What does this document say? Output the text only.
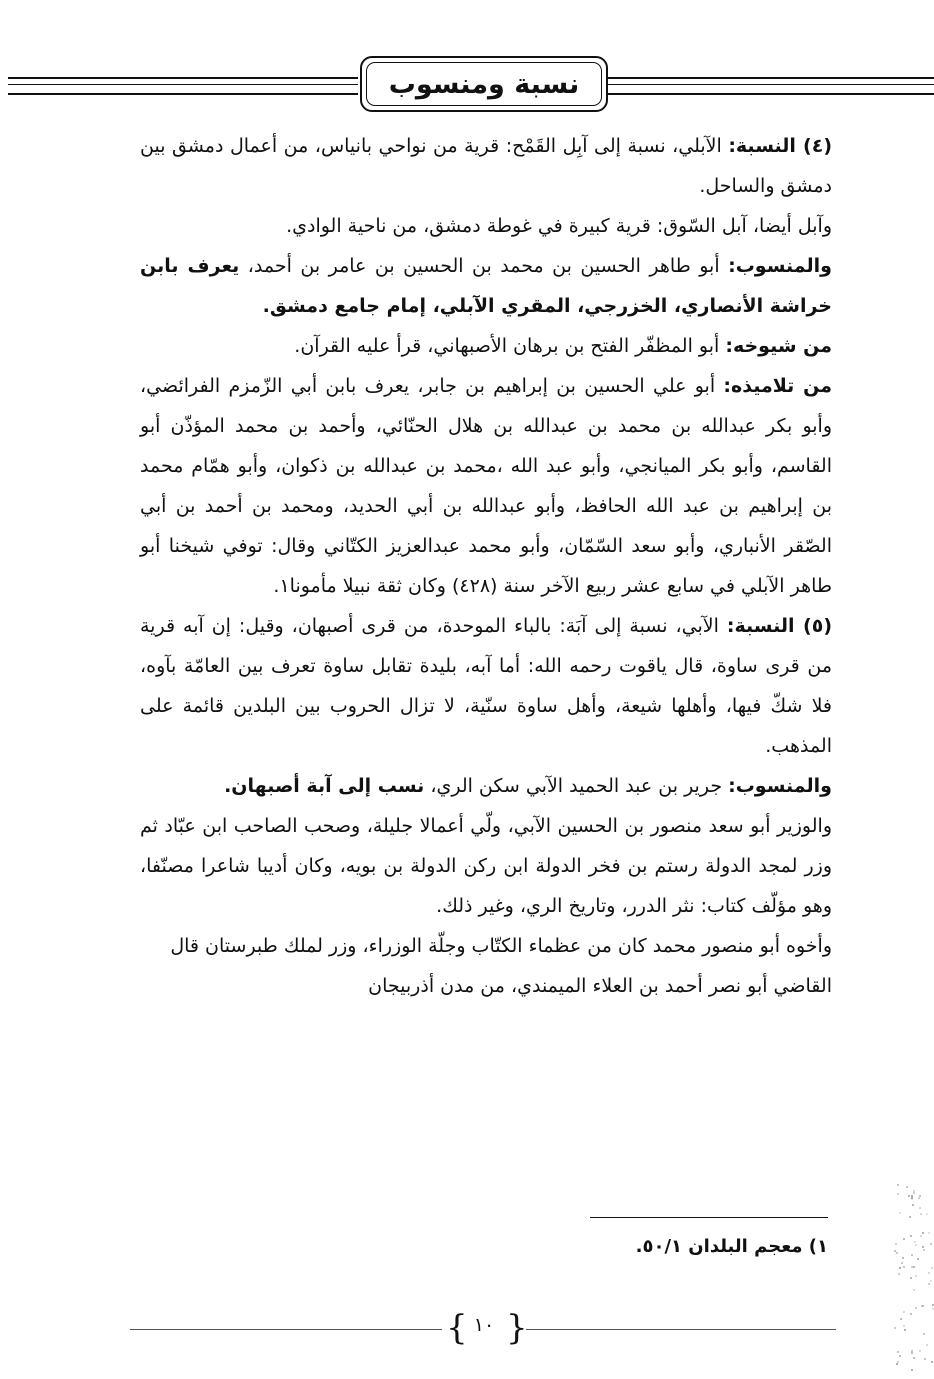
نسبة ومنسوب

(٤) النسبة: الآبلي، نسبة إلى آبِل القَمْح: قرية من نواحي بانياس، من أعمال دمشق بين دمشق والساحل.

وآبل أيضا، آبل السّوق: قرية كبيرة في غوطة دمشق، من ناحية الوادي.

والمنسوب: أبو طاهر الحسين بن محمد بن الحسين بن عامر بن أحمد، يعرف بابن خراشة الأنصاري، الخزرجي، المقري الآبلي، إمام جامع دمشق.

من شيوخه: أبو المظفّر الفتح بن برهان الأصبهاني، قرأ عليه القرآن.

من تلاميذه: أبو علي الحسين بن إبراهيم بن جابر، يعرف بابن أبي الزّمزم الفرائضي، وأبو بكر عبدالله بن محمد بن عبدالله بن هلال الحنّائي، وأحمد بن محمد المؤذّن أبو القاسم، وأبو بكر الميانجي، وأبو عبد الله ،محمد بن عبدالله بن ذكوان، وأبو همّام محمد بن إبراهيم بن عبد الله الحافظ، وأبو عبدالله بن أبي الحديد، ومحمد بن أحمد بن أبي الصّقر الأنباري، وأبو سعد السّمّان، وأبو محمد عبدالعزيز الكتّاني وقال: توفي شيخنا أبو طاهر الآبلي في سابع عشر ربيع الآخر سنة (٤٢٨) وكان ثقة نبيلا مأمونا١.

(٥) النسبة: الآبي، نسبة إلى آبَة: بالباء الموحدة، من قرى أصبهان، وقيل: إن آبه قرية من قرى ساوة، قال ياقوت رحمه الله: أما آبه، بليدة تقابل ساوة تعرف بين العامّة بآوه، فلا شكّ فيها، وأهلها شيعة، وأهل ساوة سنّية، لا تزال الحروب بين البلدين قائمة على المذهب.

والمنسوب: جرير بن عبد الحميد الآبي سكن الري، نسب إلى آبة أصبهان.

والوزير أبو سعد منصور بن الحسين الآبي، ولّي أعمالا جليلة، وصحب الصاحب ابن عبّاد ثم وزر لمجد الدولة رستم بن فخر الدولة ابن ركن الدولة بن بويه، وكان أديبا شاعرا مصنّفا، وهو مؤلّف كتاب: نثر الدرر، وتاريخ الري، وغير ذلك.

وأخوه أبو منصور محمد كان من عظماء الكتّاب وجلّة الوزراء، وزر لملك طبرستان قال القاضي أبو نصر أحمد بن العلاء الميمندي، من مدن أذربيجان

١) معجم البلدان ٥٠/١.
{ ١٠ }
